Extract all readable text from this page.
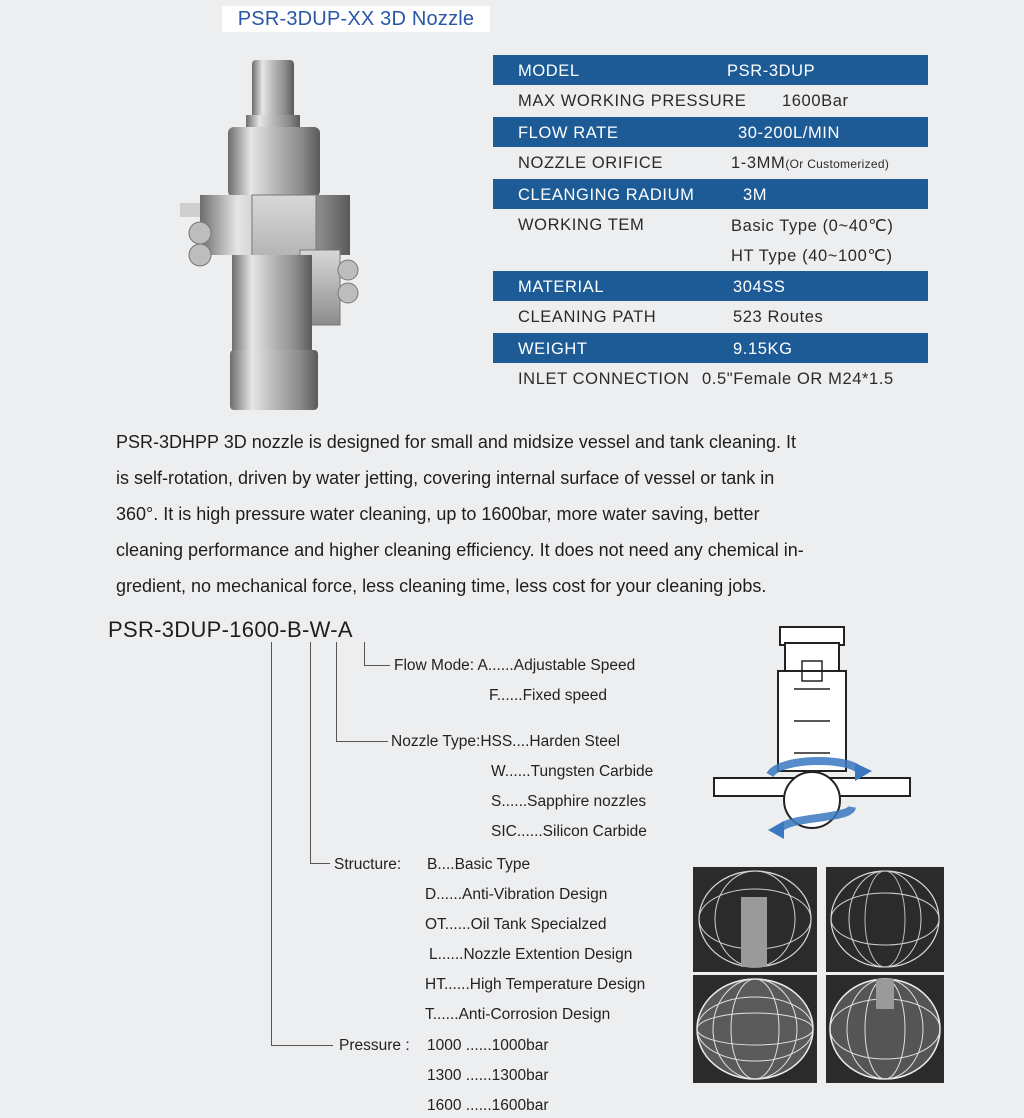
PSR-3DUP-XX 3D Nozzle
MODEL	PSR-3DUP
MAX WORKING PRESSURE 1600Bar
FLOW RATE	30-200L/MIN
NOZZLE ORIFICE	1-3MM(Or Customerized)
CLEANGING RADIUM	3M
WORKING TEM	Basic Type (0~40℃)
HT Type (40~100℃)
MATERIAL	304SS
CLEANING PATH	523 Routes
WEIGHT	9.15KG
INLET CONNECTION 0.5"Female OR M24*1.5

PSR-3DHPP 3D nozzle is designed for small and midsize vessel and tank cleaning. It

is self-rotation, driven by water jetting, covering internal surface of vessel or tank in

360°. It is high pressure water cleaning, up to 1600bar, more water saving, better

cleaning performance and higher cleaning efficiency. It does not need any chemical in-

gredient, no mechanical force, less cleaning time, less cost for your cleaning jobs.

PSR-3DUP-1600-B-W-A
Flow Mode: A......Adjustable Speed
F......Fixed speed
Nozzle Type:HSS....Harden Steel
W......Tungsten Carbide
S......Sapphire nozzles
SIC......Silicon Carbide
Structure: B....Basic Type
D......Anti-Vibration Design
OT......Oil Tank Specialzed
L......Nozzle Extention Design
HT......High Temperature Design
T......Anti-Corrosion Design
Pressure : 1000 ......1000bar
1300 ......1300bar
1600 ......1600bar
